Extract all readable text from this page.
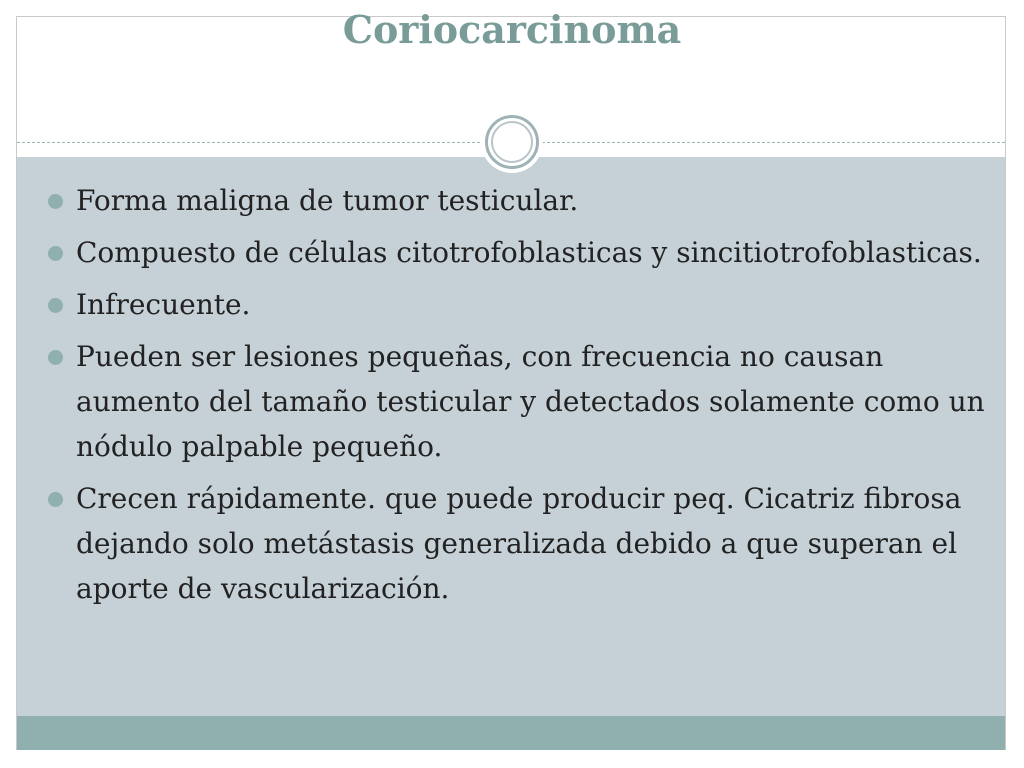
Coriocarcinoma
Forma maligna de tumor testicular.
Compuesto de células citotrofoblasticas y sincitiotrofoblasticas.
Infrecuente.
Pueden ser lesiones pequeñas, con frecuencia no causan aumento del tamaño testicular y detectados solamente como un nódulo palpable pequeño.
Crecen rápidamente. que puede producir peq. Cicatriz fibrosa dejando solo metástasis generalizada debido a que superan el aporte de vascularización.
